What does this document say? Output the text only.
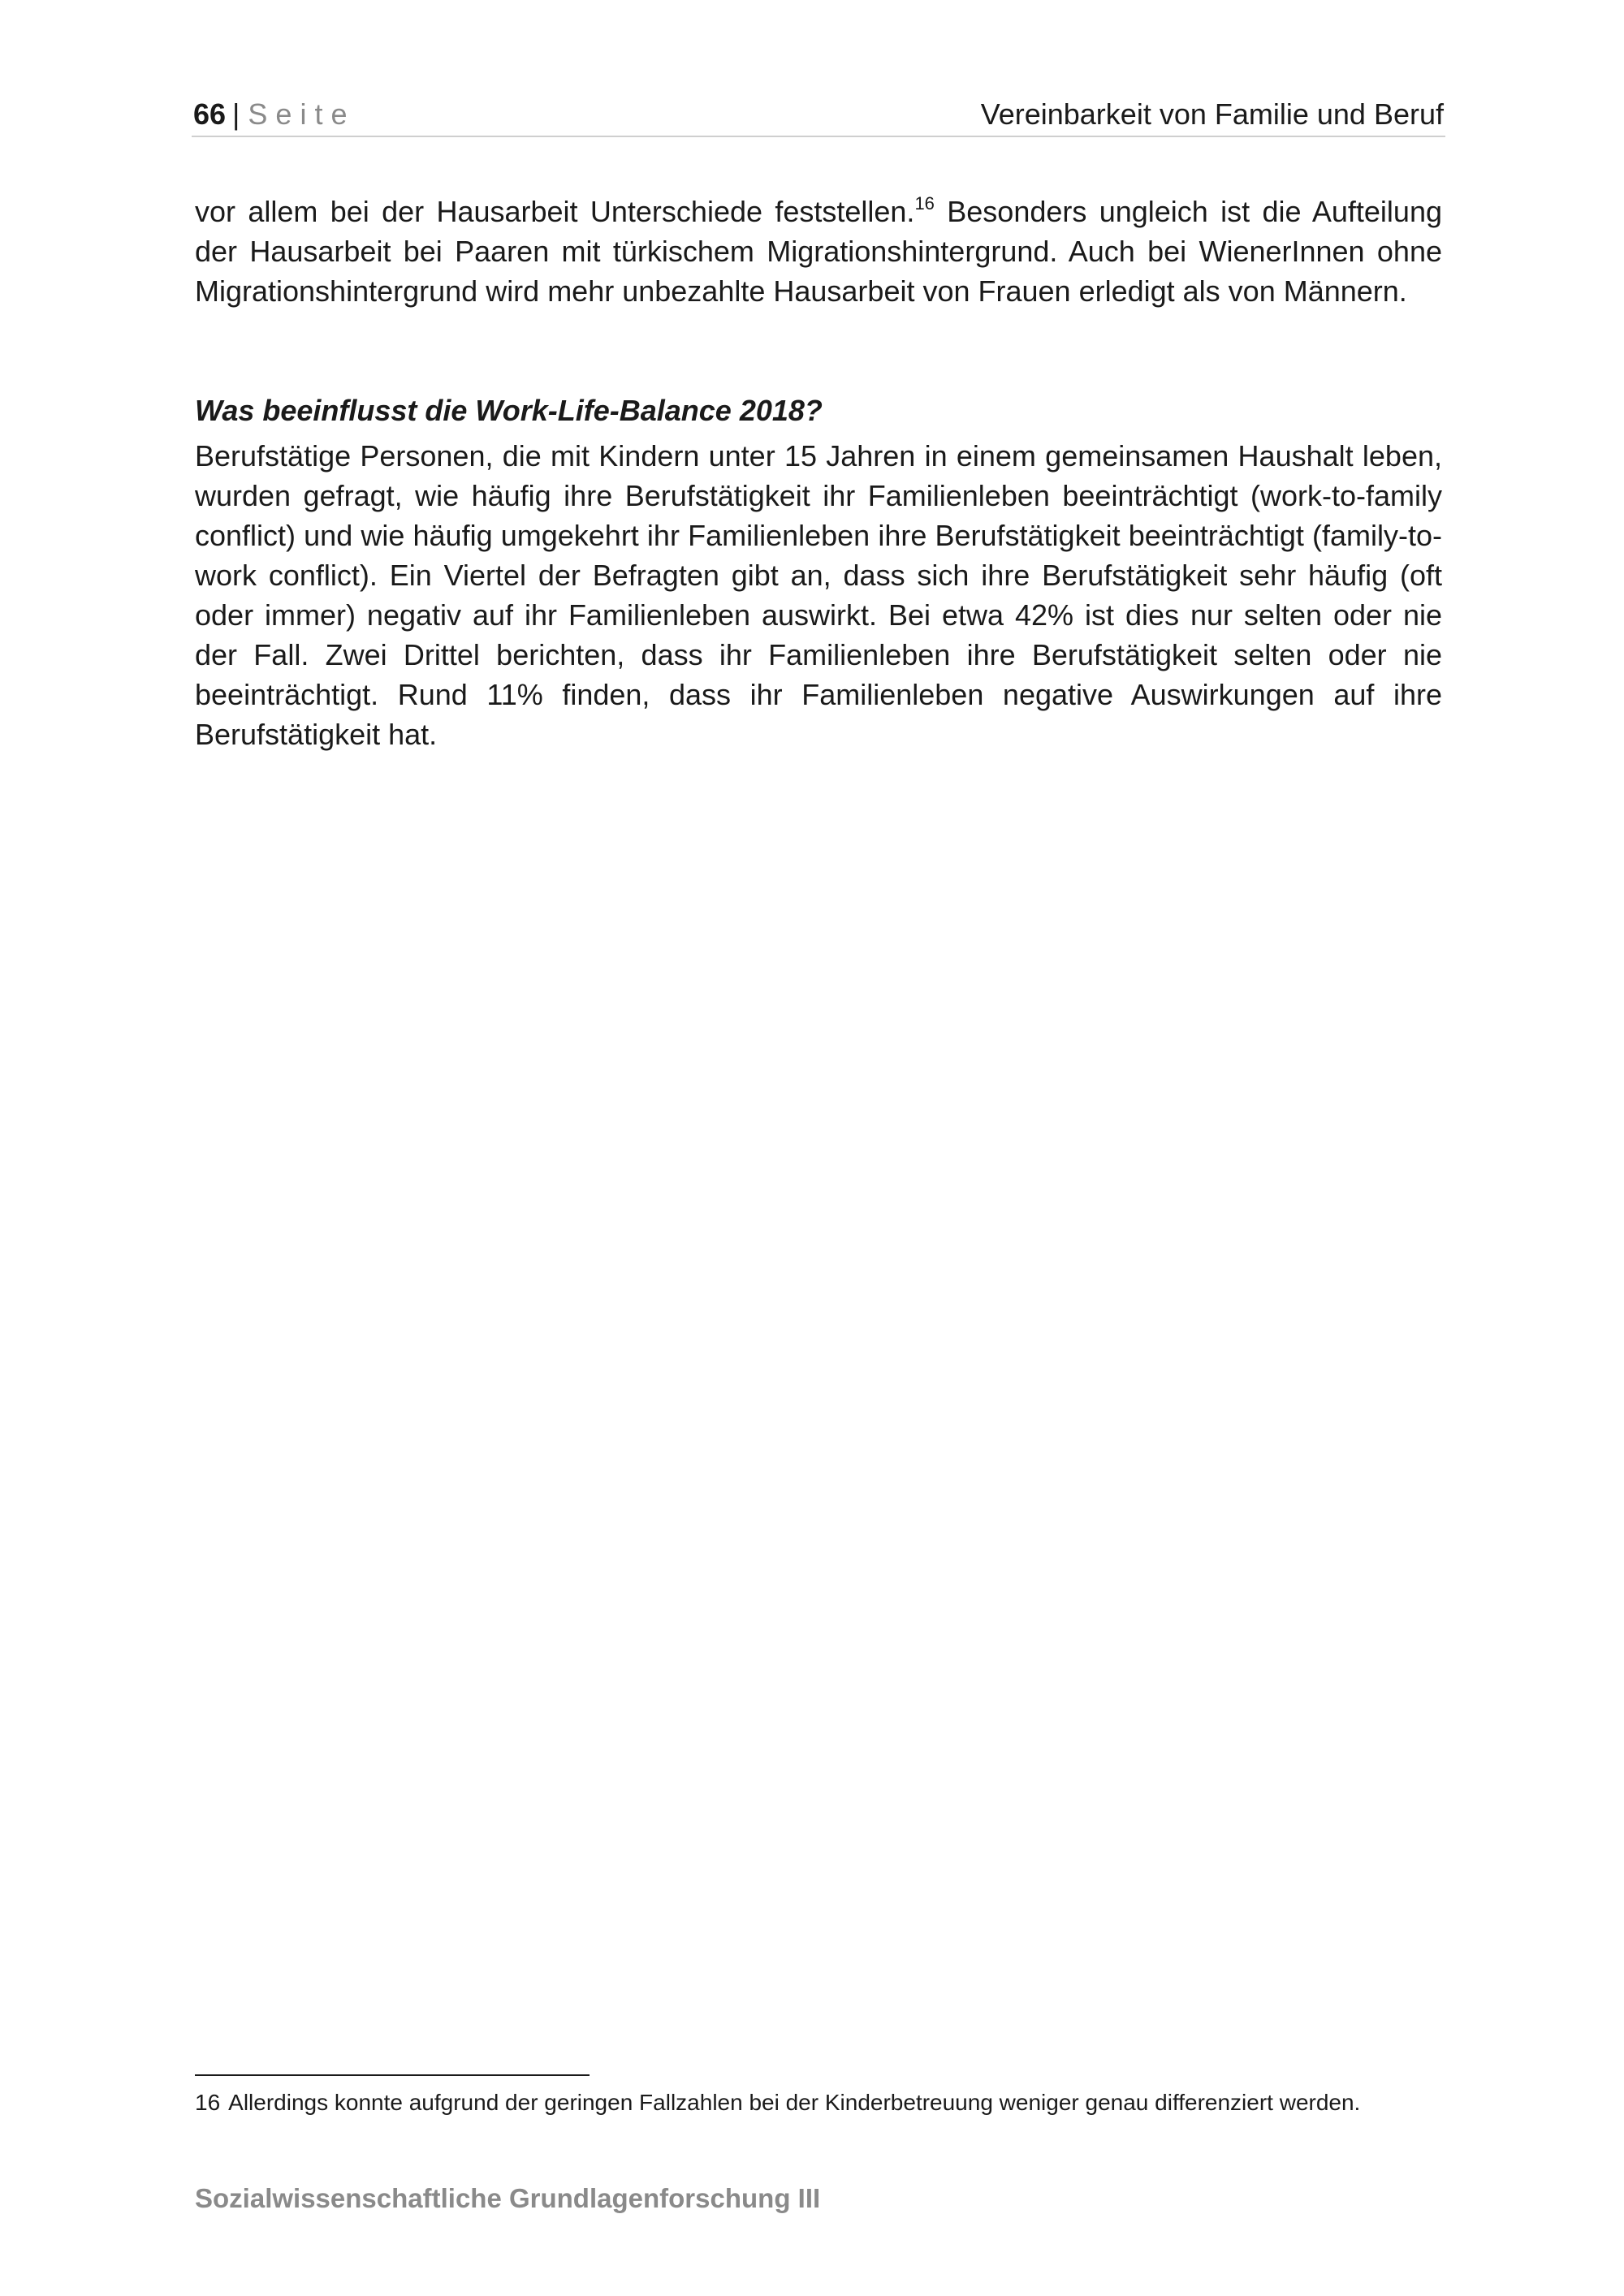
66 | Seite	Vereinbarkeit von Familie und Beruf

vor allem bei der Hausarbeit Unterschiede feststellen.$^{16}$ Besonders ungleich ist die Aufteilung der Hausarbeit bei Paaren mit türkischem Migrationshintergrund. Auch bei WienerInnen ohne Migrationshintergrund wird mehr unbezahlte Hausarbeit von Frauen erledigt als von Männern.

Was beeinflusst die Work-Life-Balance 2018?

Berufstätige Personen, die mit Kindern unter 15 Jahren in einem gemeinsamen Haushalt leben, wurden gefragt, wie häufig ihre Berufstätigkeit ihr Familienleben beeinträchtigt (work-to-family conflict) und wie häufig umgekehrt ihr Familienleben ihre Berufstätigkeit beeinträchtigt (family-to-work conflict). Ein Viertel der Befragten gibt an, dass sich ihre Berufstätigkeit sehr häufig (oft oder immer) negativ auf ihr Familienleben auswirkt. Bei etwa 42% ist dies nur selten oder nie der Fall. Zwei Drittel berichten, dass ihr Familienleben ihre Berufstätigkeit selten oder nie beeinträchtigt. Rund 11% finden, dass ihr Familienleben negative Auswirkungen auf ihre Berufstätigkeit hat.

16 Allerdings konnte aufgrund der geringen Fallzahlen bei der Kinderbetreuung weniger genau differenziert werden.

Sozialwissenschaftliche Grundlagenforschung III
